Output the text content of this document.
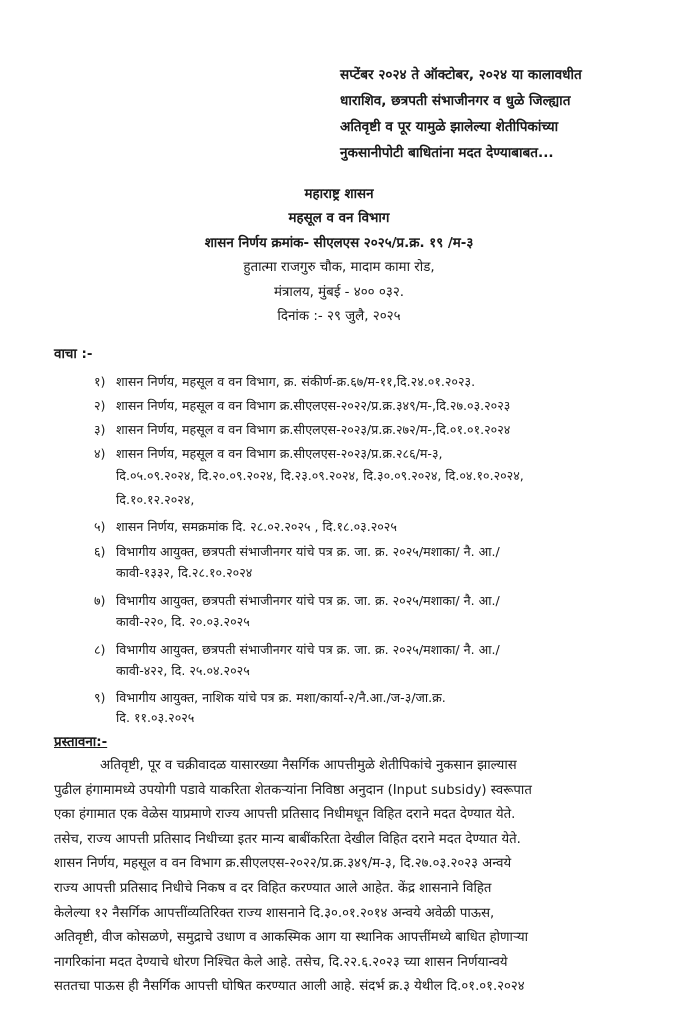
सप्टेंबर २०२४ ते ऑक्टोबर, २०२४ या कालावधीत
धाराशिव, छत्रपती संभाजीनगर व धुळे जिल्ह्यात
अतिवृष्टी व पूर यामुळे झालेल्या शेतीपिकांच्या
नुकसानीपोटी बाधितांना मदत देण्याबाबत...
महाराष्ट्र शासन
महसूल व वन विभाग
शासन निर्णय क्रमांक- सीएलएस २०२५/प्र.क्र. १९ /म-३
हुतात्मा राजगुरु चौक, मादाम कामा रोड,
मंत्रालय, मुंबई - ४०० ०३२.
दिनांक :- २९ जुलै, २०२५
वाचा :-
१) शासन निर्णय, महसूल व वन विभाग, क्र. संकीर्ण-क्र.६७/म-११,दि.२४.०१.२०२३.
२) शासन निर्णय, महसूल व वन विभाग क्र.सीएलएस-२०२२/प्र.क्र.३४९/म-,दि.२७.०३.२०२३
३) शासन निर्णय, महसूल व वन विभाग क्र.सीएलएस-२०२३/प्र.क्र.२७२/म-,दि.०१.०१.२०२४
४) शासन निर्णय, महसूल व वन विभाग क्र.सीएलएस-२०२३/प्र.क्र.२८६/म-३,
दि.०५.०९.२०२४, दि.२०.०९.२०२४, दि.२३.०९.२०२४, दि.३०.०९.२०२४, दि.०४.१०.२०२४,
दि.१०.१२.२०२४,
५) शासन निर्णय, समक्रमांक दि. २८.०२.२०२५ , दि.१८.०३.२०२५
६) विभागीय आयुक्त, छत्रपती संभाजीनगर यांचे पत्र क्र. जा. क्र. २०२५/मशाका/ नै. आ./
कावी-१३३२, दि.२८.१०.२०२४
७) विभागीय आयुक्त, छत्रपती संभाजीनगर यांचे पत्र क्र. जा. क्र. २०२५/मशाका/ नै. आ./
कावी-२२०, दि. २०.०३.२०२५
८) विभागीय आयुक्त, छत्रपती संभाजीनगर यांचे पत्र क्र. जा. क्र. २०२५/मशाका/ नै. आ./
कावी-४२२, दि. २५.०४.२०२५
९) विभागीय आयुक्त, नाशिक यांचे पत्र क्र. मशा/कार्या-२/नै.आ./ज-३/जा.क्र.
दि. ११.०३.२०२५
प्रस्तावना:-
अतिवृष्टी, पूर व चक्रीवादळ यासारख्या नैसर्गिक आपत्तीमुळे शेतीपिकांचे नुकसान झाल्यास
पुढील हंगामामध्ये उपयोगी पडावे याकरिता शेतकऱ्यांना निविष्ठा अनुदान (Input subsidy) स्वरूपात
एका हंगामात एक वेळेस याप्रमाणे राज्य आपत्ती प्रतिसाद निधीमधून विहित दराने मदत देण्यात येते.
तसेच, राज्य आपत्ती प्रतिसाद निधीच्या इतर मान्य बाबींकरिता देखील विहित दराने मदत देण्यात येते.
शासन निर्णय, महसूल व वन विभाग क्र.सीएलएस-२०२२/प्र.क्र.३४९/म-३, दि.२७.०३.२०२३ अन्वये
राज्य आपत्ती प्रतिसाद निधीचे निकष व दर विहित करण्यात आले आहेत. केंद्र शासनाने विहित
केलेल्या १२ नैसर्गिक आपत्तींव्यतिरिक्त राज्य शासनाने दि.३०.०१.२०१४ अन्वये अवेळी पाऊस,
अतिवृष्टी, वीज कोसळणे, समुद्राचे उधाण व आकस्मिक आग या स्थानिक आपत्तींमध्ये बाधित होणाऱ्या
नागरिकांना मदत देण्याचे धोरण निश्चित केले आहे. तसेच, दि.२२.६.२०२३ च्या शासन निर्णयान्वये
सततचा पाऊस ही नैसर्गिक आपत्ती घोषित करण्यात आली आहे. संदर्भ क्र.३ येथील दि.०१.०१.२०२४
